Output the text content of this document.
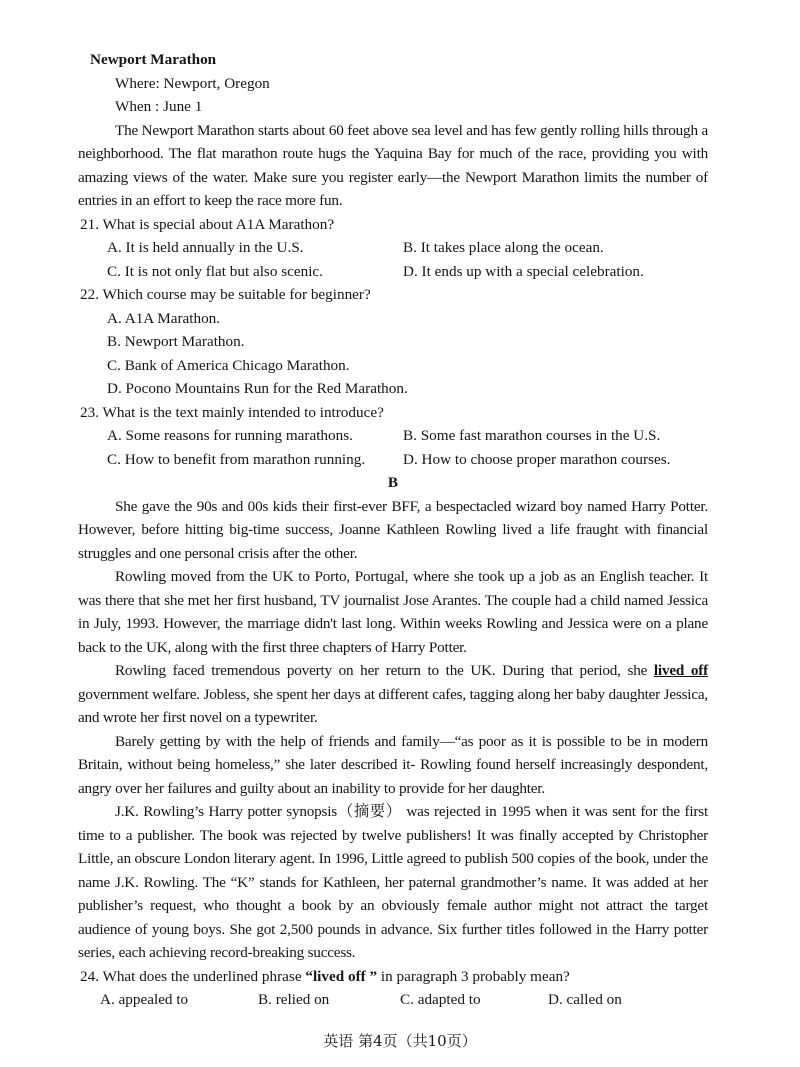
Newport Marathon
Where: Newport, Oregon
When : June 1
The Newport Marathon starts about 60 feet above sea level and has few gently rolling hills through a neighborhood. The flat marathon route hugs the Yaquina Bay for much of the race, providing you with amazing views of the water. Make sure you register early—the Newport Marathon limits the number of entries in an effort to keep the race more fun.
21. What is special about A1A Marathon?
A. It is held annually in the U.S.	B. It takes place along the ocean.
C. It is not only flat but also scenic.	D. It ends up with a special celebration.
22. Which course may be suitable for beginner?
A. A1A Marathon.
B. Newport Marathon.
C. Bank of America Chicago Marathon.
D. Pocono Mountains Run for the Red Marathon.
23. What is the text mainly intended to introduce?
A. Some reasons for running marathons.	B. Some fast marathon courses in the U.S.
C. How to benefit from marathon running.	D. How to choose proper marathon courses.
B
She gave the 90s and 00s kids their first-ever BFF, a bespectacled wizard boy named Harry Potter. However, before hitting big-time success, Joanne Kathleen Rowling lived a life fraught with financial struggles and one personal crisis after the other.
Rowling moved from the UK to Porto, Portugal, where she took up a job as an English teacher. It was there that she met her first husband, TV journalist Jose Arantes. The couple had a child named Jessica in July, 1993. However, the marriage didn't last long. Within weeks Rowling and Jessica were on a plane back to the UK, along with the first three chapters of Harry Potter.
Rowling faced tremendous poverty on her return to the UK. During that period, she lived off government welfare. Jobless, she spent her days at different cafes, tagging along her baby daughter Jessica, and wrote her first novel on a typewriter.
Barely getting by with the help of friends and family—“as poor as it is possible to be in modern Britain, without being homeless,” she later described it- Rowling found herself increasingly despondent, angry over her failures and guilty about an inability to provide for her daughter.
J.K. Rowling’s Harry potter synopsis（摘要） was rejected in 1995 when it was sent for the first time to a publisher. The book was rejected by twelve publishers! It was finally accepted by Christopher Little, an obscure London literary agent. In 1996, Little agreed to publish 500 copies of the book, under the name J.K. Rowling. The “K” stands for Kathleen, her paternal grandmother’s name. It was added at her publisher’s request, who thought a book by an obviously female author might not attract the target audience of young boys. She got 2,500 pounds in advance. Six further titles followed in the Harry potter series, each achieving record-breaking success.
24. What does the underlined phrase “lived off ” in paragraph 3 probably mean?
A. appealed to	B. relied on	C. adapted to	D. called on
英语 第4页（共10页）
